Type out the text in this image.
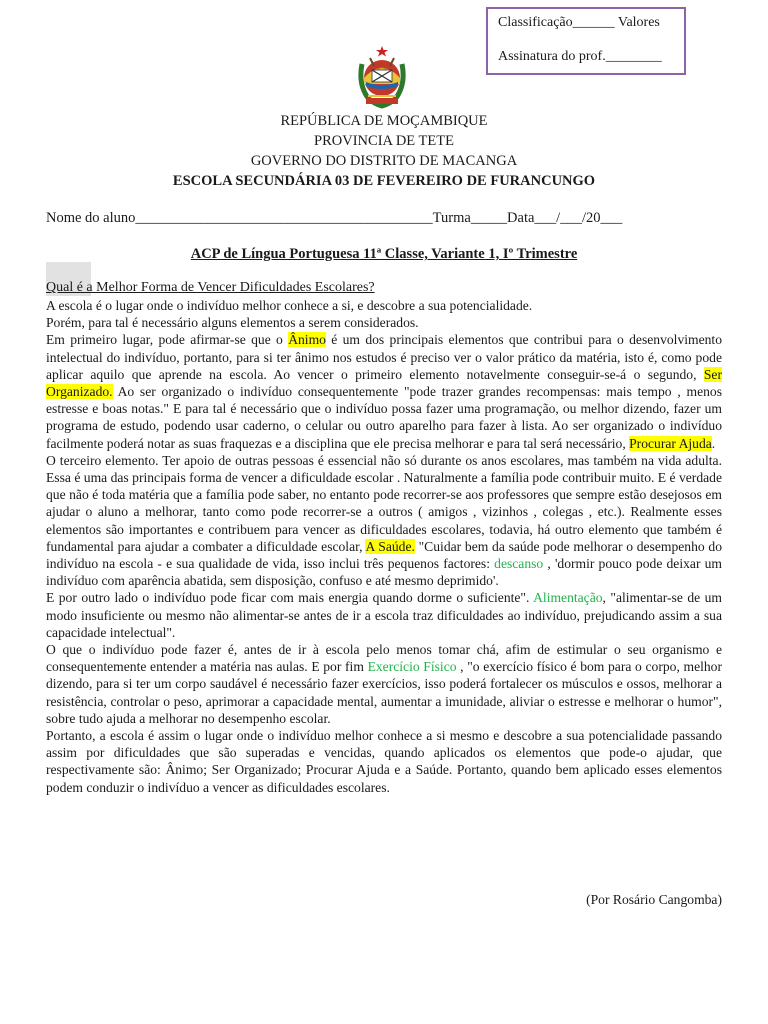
Classificação______ Valores
Assinatura do prof.________
REPÚBLICA DE MOÇAMBIQUE
PROVINCIA DE TETE
GOVERNO DO DISTRITO DE MACANGA
ESCOLA SECUNDÁRIA 03 DE FEVEREIRO DE FURANCUNGO
Nome do aluno_________________________________________Turma_____Data___/___/20___
ACP de Língua Portuguesa 11ª Classe, Variante 1, Iº Trimestre
Qual é a Melhor Forma de Vencer Dificuldades Escolares?

A escola é o lugar onde o indivíduo melhor conhece a si, e descobre a sua potencialidade.

Porém, para tal é necessário alguns elementos a serem considerados.

Em primeiro lugar, pode afirmar-se que o Ânimo é um dos principais elementos que contribui para o desenvolvimento intelectual do indivíduo, portanto, para si ter ânimo nos estudos é preciso ver o valor prático da matéria, isto é, como pode aplicar aquilo que aprende na escola. Ao vencer o primeiro elemento notavelmente conseguir-se-á o segundo, Ser Organizado. Ao ser organizado o indivíduo consequentemente "pode trazer grandes recompensas: mais tempo , menos estresse e boas notas." E para tal é necessário que o indivíduo possa fazer uma programação, ou melhor dizendo, fazer um programa de estudo, podendo usar caderno, o celular ou outro aparelho para fazer à lista. Ao ser organizado o indivíduo facilmente poderá notar as suas fraquezas e a disciplina que ele precisa melhorar e para tal será necessário, Procurar Ajuda.

O terceiro elemento. Ter apoio de outras pessoas é essencial não só durante os anos escolares, mas também na vida adulta. Essa é uma das principais forma de vencer a dificuldade escolar . Naturalmente a família pode contribuir muito. E é verdade que não é toda matéria que a família pode saber, no entanto pode recorrer-se aos professores que sempre estão desejosos em ajudar o aluno a melhorar, tanto como pode recorrer-se a outros ( amigos , vizinhos , colegas , etc.). Realmente esses elementos são importantes e contribuem para vencer as dificuldades escolares, todavia, há outro elemento que também é fundamental para ajudar a combater a dificuldade escolar, A Saúde. "Cuidar bem da saúde pode melhorar o desempenho do indivíduo na escola - e sua qualidade de vida, isso inclui três pequenos factores: descanso , 'dormir pouco pode deixar um indivíduo com aparência abatida, sem disposição, confuso e até mesmo deprimido'.

E por outro lado o indivíduo pode ficar com mais energia quando dorme o suficiente". Alimentação, "alimentar-se de um modo insuficiente ou mesmo não alimentar-se antes de ir a escola traz dificuldades ao indivíduo, prejudicando assim a sua capacidade intelectual".

O que o indivíduo pode fazer é, antes de ir à escola pelo menos tomar chá, afim de estimular o seu organismo e consequentemente entender a matéria nas aulas. E por fim Exercício Físico , "o exercício físico é bom para o corpo, melhor dizendo, para si ter um corpo saudável é necessário fazer exercícios, isso poderá fortalecer os músculos e ossos, melhorar a resistência, controlar o peso, aprimorar a capacidade mental, aumentar a imunidade, aliviar o estresse e melhorar o humor", sobre tudo ajuda a melhorar no desempenho escolar.

Portanto, a escola é assim o lugar onde o indivíduo melhor conhece a si mesmo e descobre a sua potencialidade passando assim por dificuldades que são superadas e vencidas, quando aplicados os elementos que pode-o ajudar, que respectivamente são: Ânimo; Ser Organizado; Procurar Ajuda e a Saúde. Portanto, quando bem aplicado esses elementos podem conduzir o indivíduo a vencer as dificuldades escolares.

(Por Rosário Cangomba)
